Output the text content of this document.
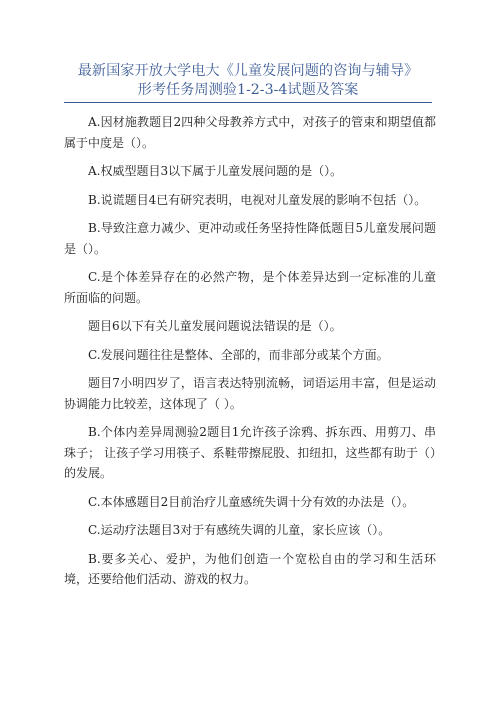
最新国家开放大学电大《儿童发展问题的咨询与辅导》
形考任务周测验1-2-3-4试题及答案

A.因材施教题目2四种父母教养方式中，对孩子的管束和期望值都属于中度是（）。

A.权威型题目3以下属于儿童发展问题的是（）。

B.说谎题目4已有研究表明，电视对儿童发展的影响不包括（）。

B.导致注意力减少、更冲动或任务坚持性降低题目5儿童发展问题是（）。

C.是个体差异存在的必然产物，是个体差异达到一定标准的儿童所面临的问题。

题目6以下有关儿童发展问题说法错误的是（）。

C.发展问题往往是整体、全部的，而非部分或某个方面。

题目7小明四岁了，语言表达特别流畅，词语运用丰富，但是运动协调能力比较差，这体现了（ ）。

B.个体内差异周测验2题目1允许孩子涂鸦、拆东西、用剪刀、串珠子； 让孩子学习用筷子、系鞋带擦屁股、扣纽扣，这些都有助于（）的发展。

C.本体感题目2目前治疗儿童感统失调十分有效的办法是（）。

C.运动疗法题目3对于有感统失调的儿童，家长应该（）。

B.要多关心、爱护，为他们创造一个宽松自由的学习和生活环境，还要给他们活动、游戏的权力。
